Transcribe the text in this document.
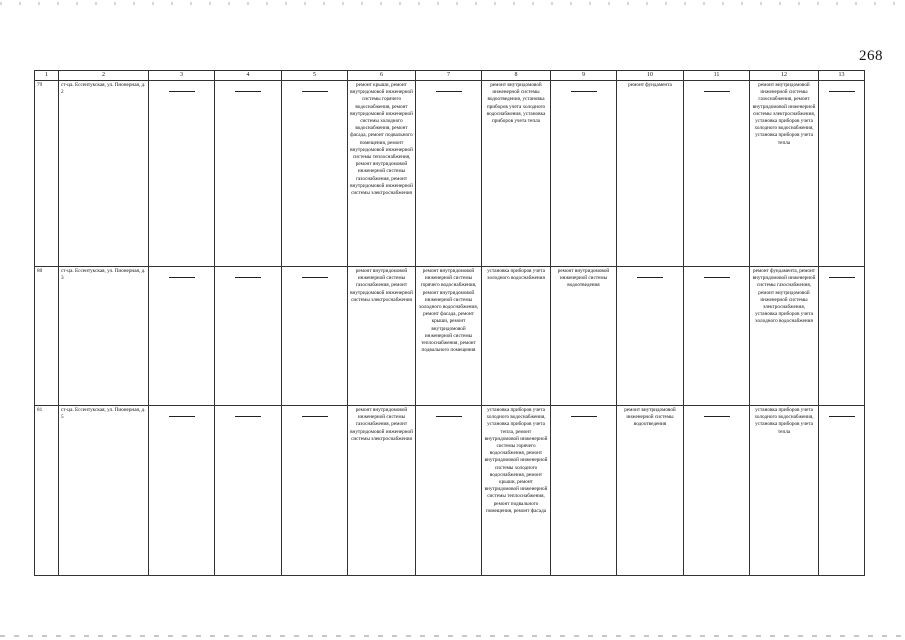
268
1	2	3	4	5	6	7	8	9	10	11	12	13
79	ст-ца. Ессентукская, ул. Пионерная, д. 2				ремонт крыши, ремонт внутридомовой инженерной системы горячего водоснабжения, ремонт внутридомовой инженерной системы холодного водоснабжения, ремонт фасада, ремонт подвального помещения, ремонт внутридомовой инженерной системы теплоснабжения, ремонт внутридомовой инженерной системы газоснабжения, ремонт внутридомовой инженерной системы электроснабжения		ремонт внутридомовой инженерной системы водоотведения, установка приборов учета холодного водоснабжения, установка приборов учета тепла		ремонт фундамента		ремонт внутридомовой инженерной системы газоснабжения, ремонт внутридомовой инженерной системы электроснабжения, установка приборов учета холодного водоснабжения, установка приборов учета тепла	

80	ст-ца. Ессентукская, ул. Пионерная, д. 3				ремонт внутридомовой инженерной системы газоснабжения, ремонт внутридомовой инженерной системы электроснабжения	ремонт внутридомовой инженерной системы горячего водоснабжения, ремонт внутридомовой инженерной системы холодного водоснабжения, ремонт фасада, ремонт крыши, ремонт внутридомовой инженерной системы теплоснабжения, ремонт подвального помещения	установка приборов учета холодного водоснабжения	ремонт внутридомовой инженерной системы водоотведения			ремонт фундамента, ремонт внутридомовой инженерной системы газоснабжения, ремонт внутридомовой инженерной системы электроснабжения, установка приборов учета холодного водоснабжения	

81	ст-ца. Ессентукская, ул. Пионерная, д. 5				ремонт внутридомовой инженерной системы газоснабжения, ремонт внутридомовой инженерной системы электроснабжения		установка приборов учета холодного водоснабжения, установка приборов учета тепла, ремонт внутридомовой инженерной системы горячего водоснабжения, ремонт внутридомовой инженерной системы холодного водоснабжения, ремонт крыши, ремонт внутридомовой инженерной системы теплоснабжения, ремонт подвального помещения, ремонт фасада		ремонт внутридомовой инженерной системы водоотведения		установка приборов учета холодного водоснабжения, установка приборов учета тепла	
